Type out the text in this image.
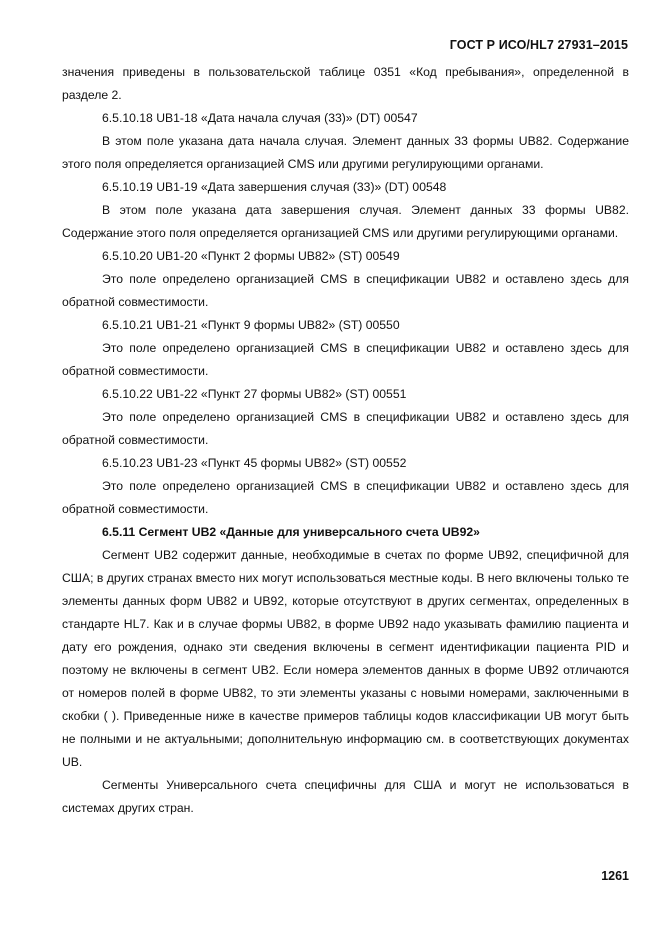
ГОСТ Р ИСО/HL7 27931–2015

значения приведены в пользовательской таблице 0351 «Код пребывания», определенной в разделе 2.

6.5.10.18 UB1-18 «Дата начала случая (33)» (DT) 00547

В этом поле указана дата начала случая. Элемент данных 33 формы UB82. Содержание этого поля определяется организацией CMS или другими регулирующими органами.

6.5.10.19 UB1-19 «Дата завершения случая (33)» (DT) 00548

В этом поле указана дата завершения случая. Элемент данных 33 формы UB82. Содержание этого поля определяется организацией CMS или другими регулирующими органами.

6.5.10.20 UB1-20 «Пункт 2 формы UB82» (ST) 00549

Это поле определено организацией CMS в спецификации UB82 и оставлено здесь для обратной совместимости.

6.5.10.21 UB1-21 «Пункт 9 формы UB82» (ST) 00550

Это поле определено организацией CMS в спецификации UB82 и оставлено здесь для обратной совместимости.

6.5.10.22 UB1-22 «Пункт 27 формы UB82» (ST) 00551

Это поле определено организацией CMS в спецификации UB82 и оставлено здесь для обратной совместимости.

6.5.10.23 UB1-23 «Пункт 45 формы UB82» (ST) 00552

Это поле определено организацией CMS в спецификации UB82 и оставлено здесь для обратной совместимости.

6.5.11 Сегмент UB2 «Данные для универсального счета UB92»

Сегмент UB2 содержит данные, необходимые в счетах по форме UB92, специфичной для США; в других странах вместо них могут использоваться местные коды. В него включены только те элементы данных форм UB82 и UB92, которые отсутствуют в других сегментах, определенных в стандарте HL7. Как и в случае формы UB82, в форме UB92 надо указывать фамилию пациента и дату его рождения, однако эти сведения включены в сегмент идентификации пациента PID и поэтому не включены в сегмент UB2. Если номера элементов данных в форме UB92 отличаются от номеров полей в форме UB82, то эти элементы указаны с новыми номерами, заключенными в скобки ( ). Приведенные ниже в качестве примеров таблицы кодов классификации UB могут быть не полными и не актуальными; дополнительную информацию см. в соответствующих документах UB.

Сегменты Универсального счета специфичны для США и могут не использоваться в системах других стран.

1261
